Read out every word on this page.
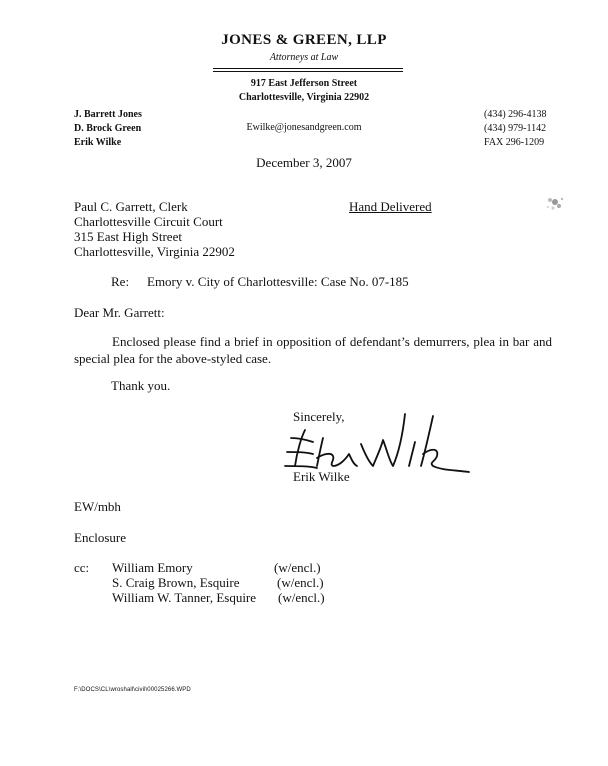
JONES & GREEN, LLP
Attorneys at Law
917 East Jefferson Street
Charlottesville, Virginia 22902
J. Barrett Jones
D. Brock Green
Erik Wilke
Ewilke@jonesandgreen.com
(434) 296-4138
(434) 979-1142
FAX 296-1209
December 3, 2007
Paul C. Garrett, Clerk
Charlottesville Circuit Court
315 East High Street
Charlottesville, Virginia 22902
Hand Delivered
Re: Emory v. City of Charlottesville: Case No. 07-185
Dear Mr. Garrett:
Enclosed please find a brief in opposition of defendant’s demurrers, plea in bar and special plea for the above-styled case.
Thank you.
Sincerely,
Erik Wilke
EW/mbh
Enclosure
cc: William Emory	(w/encl.)
S. Craig Brown, Esquire	(w/encl.)
William W. Tanner, Esquire (w/encl.)
F:\DOCS\CL\wroshall\civil\00025266.WPD
